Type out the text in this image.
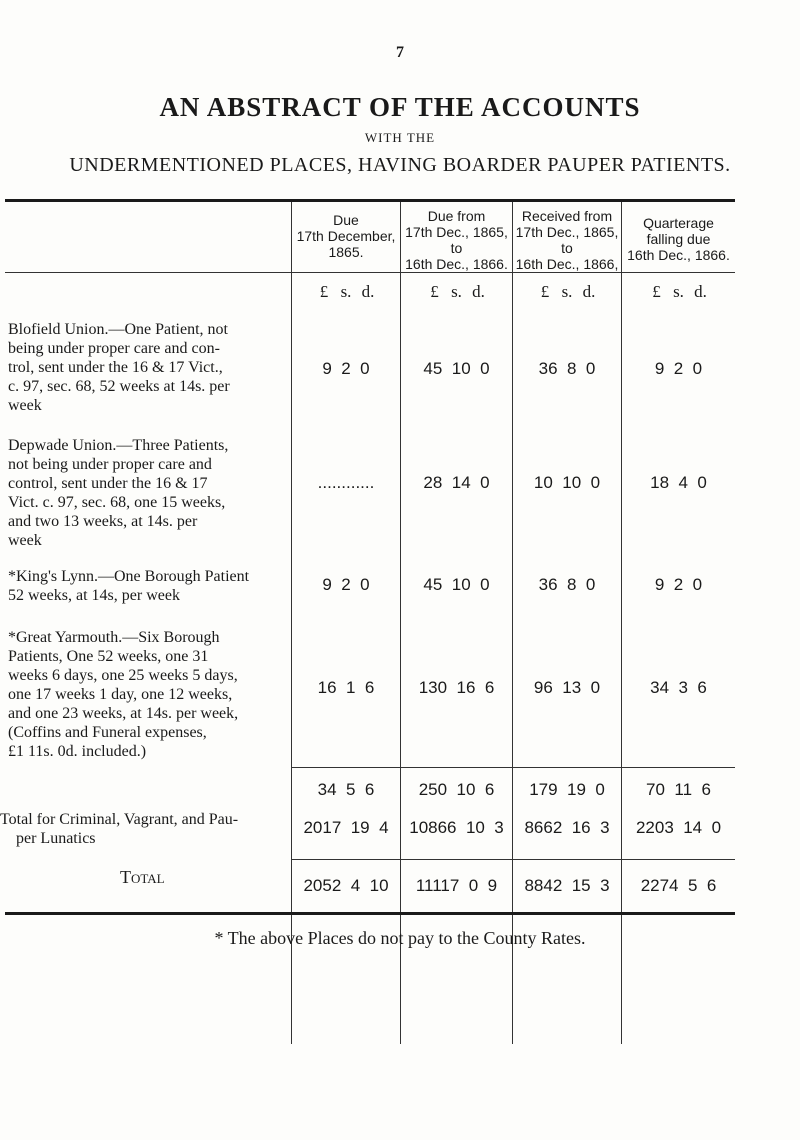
7
AN ABSTRACT OF THE ACCOUNTS
WITH THE
UNDERMENTIONED PLACES, HAVING BOARDER PAUPER PATIENTS.
Due
17th December,
1865.
Due from
17th Dec., 1865,
to
16th Dec., 1866.
Received from
17th Dec., 1865,
to
16th Dec., 1866,
Quarterage
falling due
16th Dec., 1866.
£ s. d.	£ s. d.	£ s. d.	£ s. d.
Blofield Union.—One Patient, not
being under proper care and con-
trol, sent under the 16 & 17 Vict.,
c. 97, sec. 68, 52 weeks at 14s. per
week
9  2  0	45  10  0	36  8  0	9  2  0
Depwade Union.—Three Patients,
not being under proper care and
control, sent under the 16 & 17
Vict. c. 97, sec. 68, one 15 weeks,
and two 13 weeks, at 14s. per
week
............	28  14  0	10  10  0	18  4  0
*King's Lynn.—One Borough Patient
52 weeks, at 14s, per week
9  2  0	45  10  0	36  8  0	9  2  0
*Great Yarmouth.—Six Borough
Patients, One 52 weeks, one 31
weeks 6 days, one 25 weeks 5 days,
one 17 weeks 1 day, one 12 weeks,
and one 23 weeks, at 14s. per week,
(Coffins and Funeral expenses,
£1 11s. 0d. included.)
16  1  6	130  16  6	96  13  0	34  3  6
34  5  6	250  10  6	179  19  0	70  11  6
Total for Criminal, Vagrant, and Pau-
per Lunatics
2017  19  4	10866  10  3	8662  16  3	2203  14  0
Total	2052  4  10	11117  0  9	8842  15  3	2274  5  6
* The above Places do not pay to the County Rates.
